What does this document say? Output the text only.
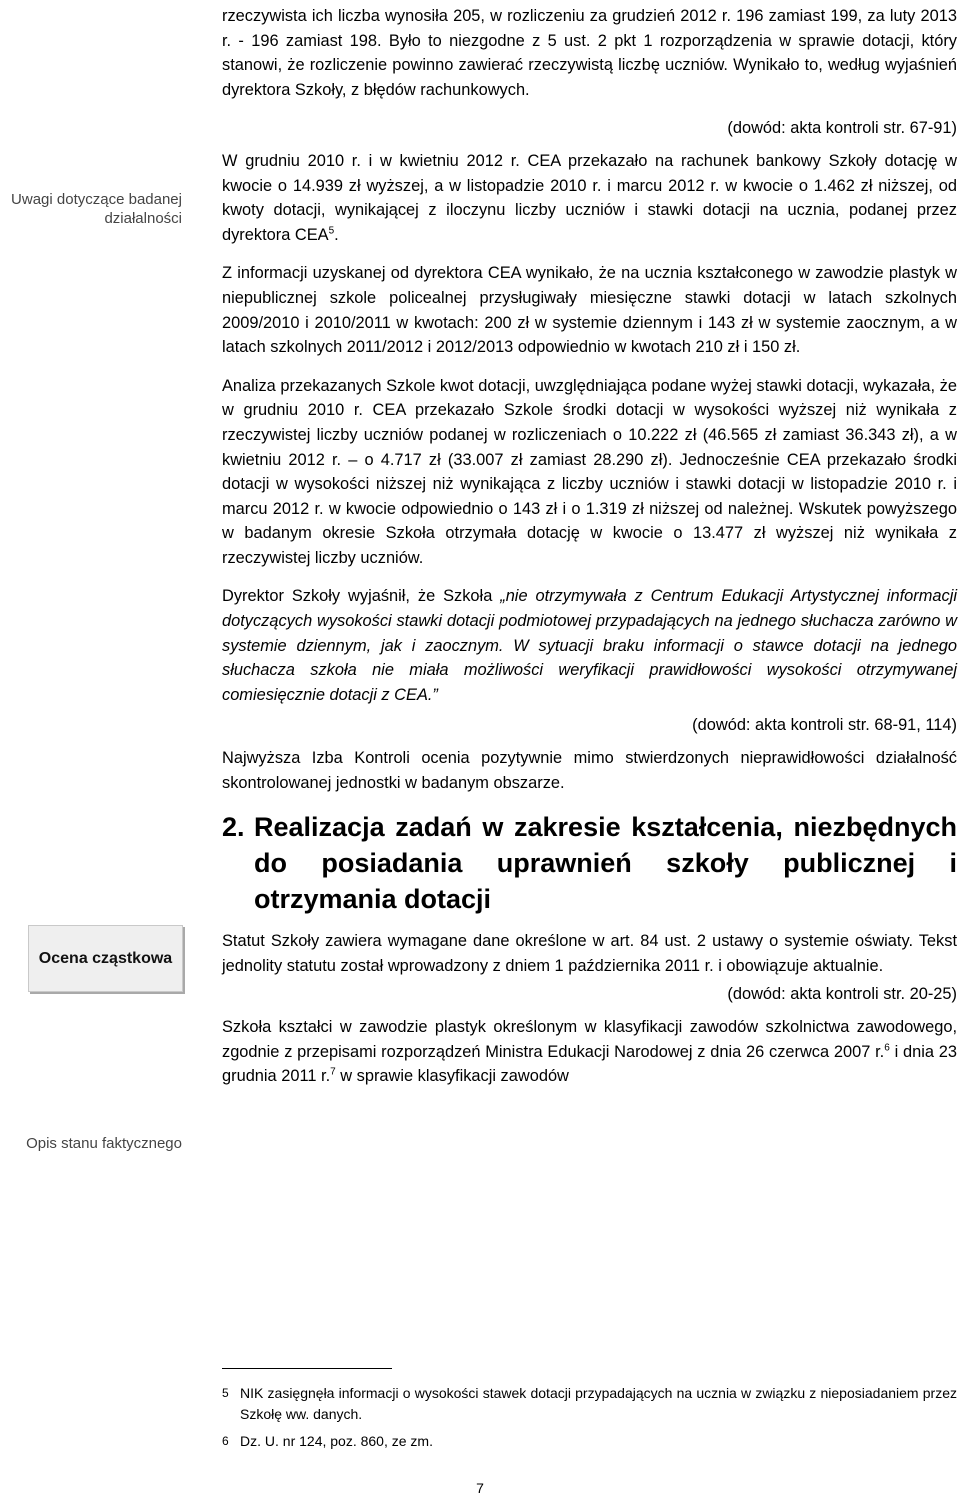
Uwagi dotyczące badanej działalności
Ocena cząstkowa
Opis stanu faktycznego

rzeczywista ich liczba wynosiła 205, w rozliczeniu za grudzień 2012 r. 196 zamiast 199, za luty 2013 r. - 196 zamiast 198. Było to niezgodne z 5 ust. 2 pkt 1 rozporządzenia w sprawie dotacji, który stanowi, że rozliczenie powinno zawierać rzeczywistą liczbę uczniów. Wynikało to, według wyjaśnień dyrektora Szkoły, z błędów rachunkowych.

(dowód: akta kontroli str. 67-91)

W grudniu 2010 r. i w kwietniu 2012 r. CEA przekazało na rachunek bankowy Szkoły dotację w kwocie o 14.939 zł wyższej, a w listopadzie 2010 r. i marcu 2012 r. w kwocie o 1.462 zł niższej, od kwoty dotacji, wynikającej z iloczynu liczby uczniów i stawki dotacji na ucznia, podanej przez dyrektora CEA$^5$.

Z informacji uzyskanej od dyrektora CEA wynikało, że na ucznia kształconego w zawodzie plastyk w niepublicznej szkole policealnej przysługiwały miesięczne stawki dotacji w latach szkolnych 2009/2010 i 2010/2011 w kwotach: 200 zł w systemie dziennym i 143 zł w systemie zaocznym, a w latach szkolnych 2011/2012 i 2012/2013 odpowiednio w kwotach 210 zł i 150 zł.

Analiza przekazanych Szkole kwot dotacji, uwzględniająca podane wyżej stawki dotacji, wykazała, że w grudniu 2010 r. CEA przekazało Szkole środki dotacji w wysokości wyższej niż wynikała z rzeczywistej liczby uczniów podanej w rozliczeniach o 10.222 zł (46.565 zł zamiast 36.343 zł), a w kwietniu 2012 r. – o 4.717 zł (33.007 zł zamiast 28.290 zł). Jednocześnie CEA przekazało środki dotacji w wysokości niższej niż wynikająca z liczby uczniów i stawki dotacji w listopadzie 2010 r. i marcu 2012 r. w kwocie odpowiednio o 143 zł i o 1.319 zł niższej od należnej. Wskutek powyższego w badanym okresie Szkoła otrzymała dotację w kwocie o 13.477 zł wyższej niż wynikała z rzeczywistej liczby uczniów.

Dyrektor Szkoły wyjaśnił, że Szkoła „nie otrzymywała z Centrum Edukacji Artystycznej informacji dotyczących wysokości stawki dotacji podmiotowej przypadających na jednego słuchacza zarówno w systemie dziennym, jak i zaocznym. W sytuacji braku informacji o stawce dotacji na jednego słuchacza szkoła nie miała możliwości weryfikacji prawidłowości wysokości otrzymywanej comiesięcznie dotacji z CEA.”

(dowód: akta kontroli str. 68-91, 114)

Najwyższa Izba Kontroli ocenia pozytywnie mimo stwierdzonych nieprawidłowości działalność skontrolowanej jednostki w badanym obszarze.

2. Realizacja zadań w zakresie kształcenia, niezbędnych do posiadania uprawnień szkoły publicznej i otrzymania dotacji

Statut Szkoły zawiera wymagane dane określone w art. 84 ust. 2 ustawy o systemie oświaty. Tekst jednolity statutu został wprowadzony z dniem 1 października 2011 r. i obowiązuje aktualnie.

(dowód: akta kontroli str. 20-25)

Szkoła kształci w zawodzie plastyk określonym w klasyfikacji zawodów szkolnictwa zawodowego, zgodnie z przepisami rozporządzeń Ministra Edukacji Narodowej z dnia 26 czerwca 2007 r.$^6$ i dnia 23 grudnia 2011 r.$^7$ w sprawie klasyfikacji zawodów

5 NIK zasięgnęła informacji o wysokości stawek dotacji przypadających na ucznia w związku z nieposiadaniem przez Szkołę ww. danych.
6 Dz. U. nr 124, poz. 860, ze zm.
7
